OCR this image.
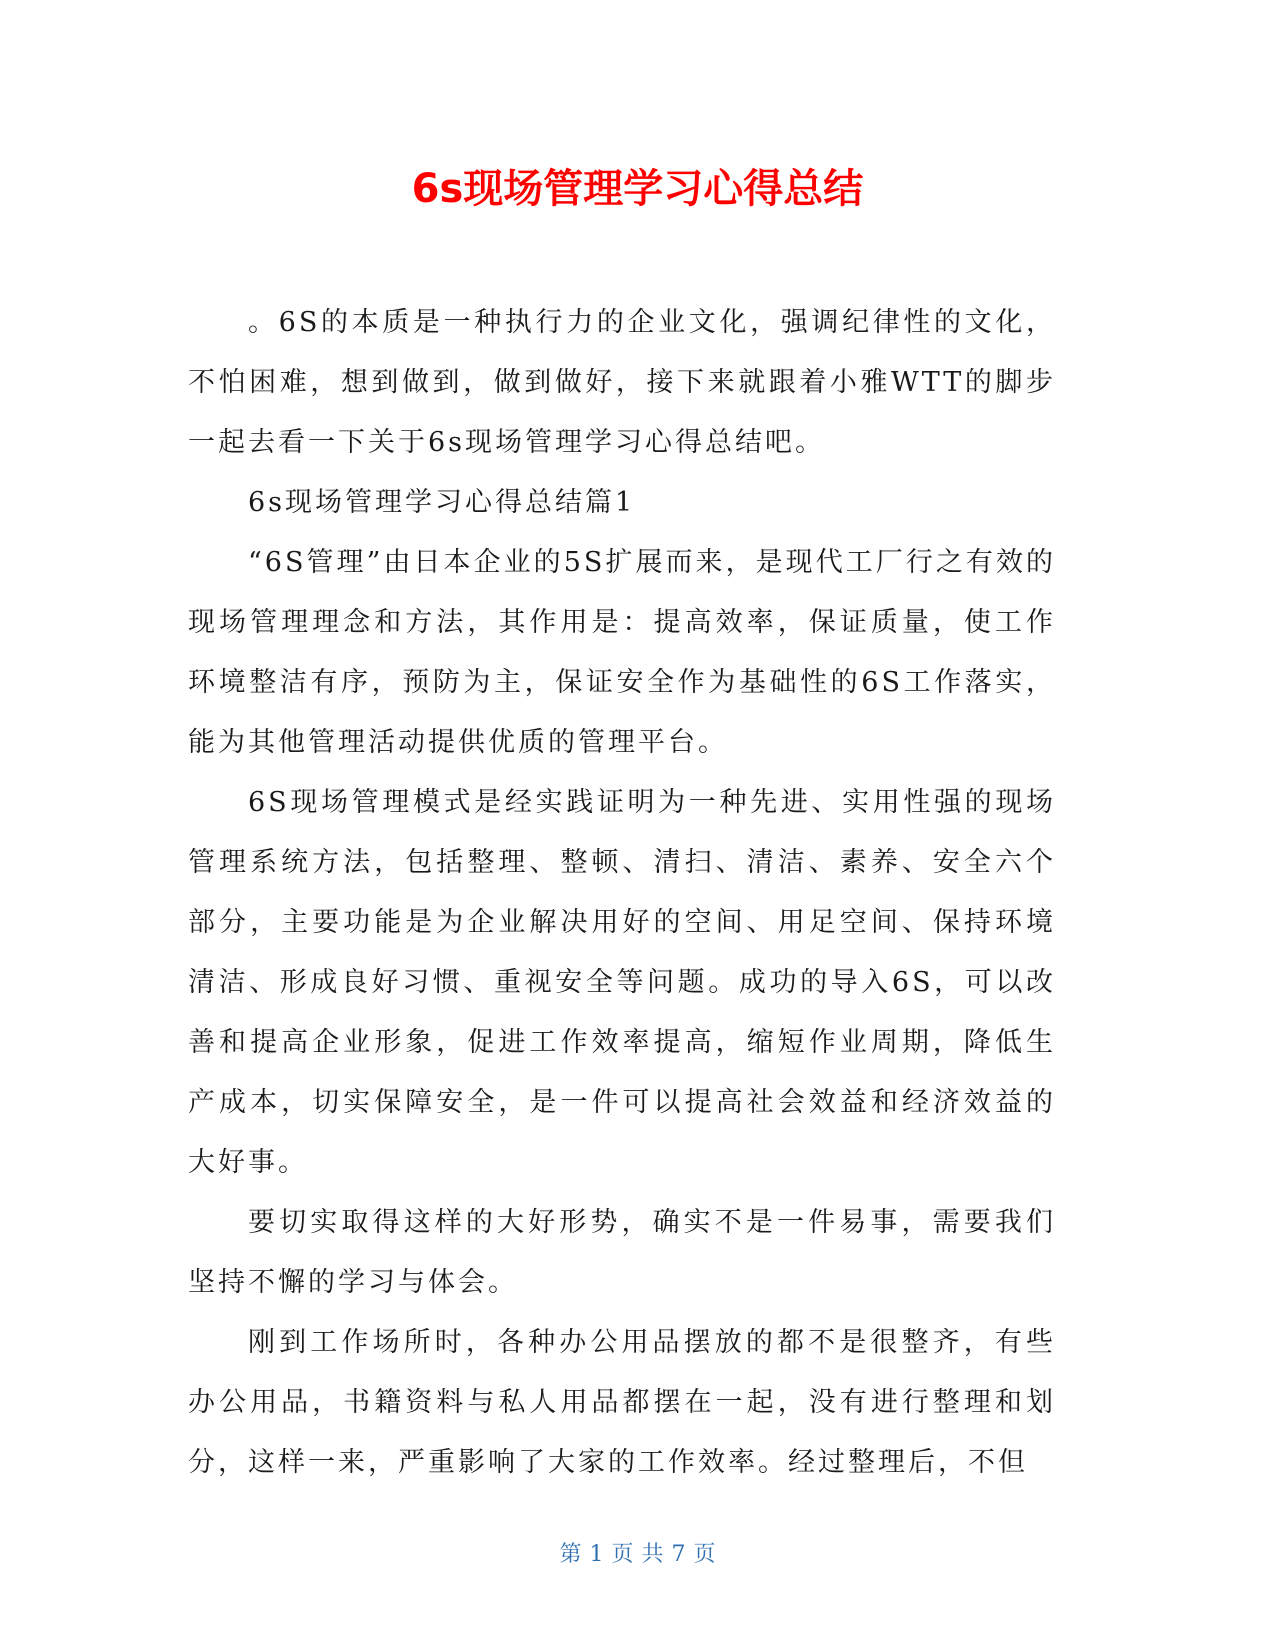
6s现场管理学习心得总结

。6S的本质是一种执行力的企业文化，强调纪律性的文化，不怕困难，想到做到，做到做好，接下来就跟着小雅WTT的脚步一起去看一下关于6s现场管理学习心得总结吧。

6s现场管理学习心得总结篇1

“6S管理”由日本企业的5S扩展而来，是现代工厂行之有效的现场管理理念和方法，其作用是：提高效率，保证质量，使工作环境整洁有序，预防为主，保证安全作为基础性的6S工作落实，能为其他管理活动提供优质的管理平台。

6S现场管理模式是经实践证明为一种先进、实用性强的现场管理系统方法，包括整理、整顿、清扫、清洁、素养、安全六个部分，主要功能是为企业解决用好的空间、用足空间、保持环境清洁、形成良好习惯、重视安全等问题。成功的导入6S，可以改善和提高企业形象，促进工作效率提高，缩短作业周期，降低生产成本，切实保障安全，是一件可以提高社会效益和经济效益的大好事。

要切实取得这样的大好形势，确实不是一件易事，需要我们坚持不懈的学习与体会。

刚到工作场所时，各种办公用品摆放的都不是很整齐，有些办公用品，书籍资料与私人用品都摆在一起，没有进行整理和划分，这样一来，严重影响了大家的工作效率。经过整理后，不但

第 1 页 共 7 页
